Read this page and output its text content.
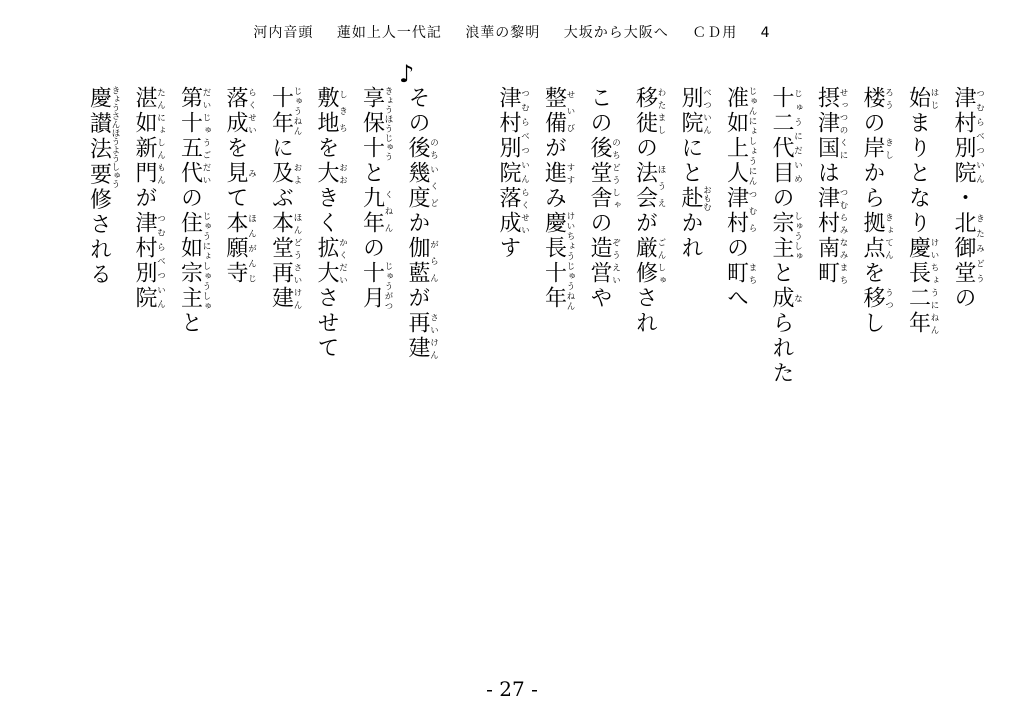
河内音頭 蓮如上人一代記 浪華の黎明 大坂から大阪へ ＣＤ用 4
津村別院つむらべついん・北御堂きたみどうの
始はじまりとなり慶長二年けいちょうにねん
楼ろうの岸きしから拠点きょてんを移うつし
摂津国せっつのくには津村南町つむらみなみまち
十二代目じゅうにだいめの宗主しゅうしゅと成なられた
准如上人じゅんにょしょうにん津村つむらの町まちへ
別院べついんにと赴おもむかれ
移徙わたましの法会ほうえが厳修ごんしゅされ
この後のち堂舎どうしゃの造営ぞうえいや
整備せいびが進すすみ慶長十年けいちょうじゅうねん
津村別院つむらべついん落成らくせいす
その後のち幾度いくどか伽藍がらんが再建さいけん
享保十きょうほうじゅうと九年くねんの十月じゅうがつ
敷地しきちを大おおきく拡大かくだいさせて
十年じゅうねんに及およぶ本堂再建ほんどうさいけん
落成らくせいを見みて本願寺ほんがんじ
第十五代だいじゅうごだいの住如宗主じゅうにょしゅうしゅと
湛如新門たんにょしんもんが津村別院つむらべついん
慶讃法要きょうさんほうようしゅう修される
♪
- 27 -
